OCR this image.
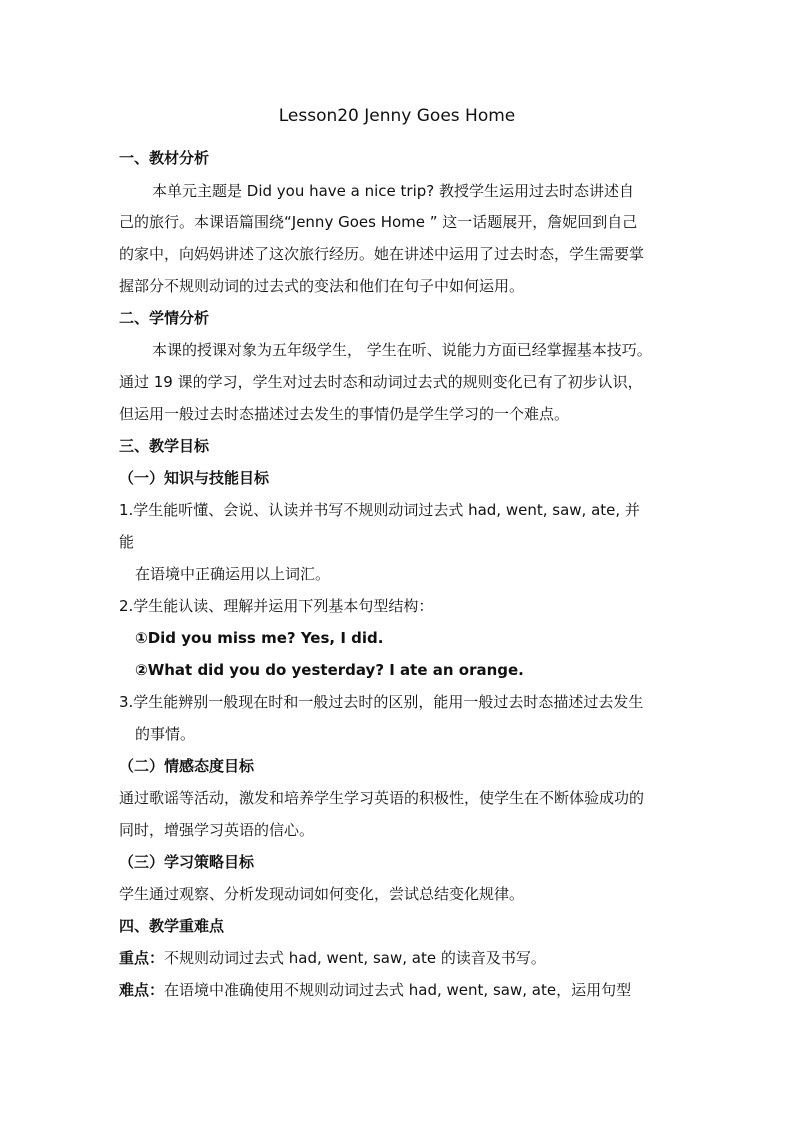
Lesson20 Jenny Goes Home
一、教材分析
本单元主题是 Did you have a nice trip? 教授学生运用过去时态讲述自
己的旅行。本课语篇围绕“Jenny Goes Home ” 这一话题展开，詹妮回到自己
的家中，向妈妈讲述了这次旅行经历。她在讲述中运用了过去时态，学生需要掌
握部分不规则动词的过去式的变法和他们在句子中如何运用。
二、学情分析
本课的授课对象为五年级学生， 学生在听、说能力方面已经掌握基本技巧。
通过 19 课的学习，学生对过去时态和动词过去式的规则变化已有了初步认识，
但运用一般过去时态描述过去发生的事情仍是学生学习的一个难点。
三、教学目标
（一）知识与技能目标
1.学生能听懂、会说、认读并书写不规则动词过去式 had, went, saw, ate, 并
能
在语境中正确运用以上词汇。
2.学生能认读、理解并运用下列基本句型结构：
①Did you miss me? Yes, I did.
②What did you do yesterday? I ate an orange.
3.学生能辨别一般现在时和一般过去时的区别，能用一般过去时态描述过去发生
的事情。
（二）情感态度目标
通过歌谣等活动，激发和培养学生学习英语的积极性，使学生在不断体验成功的
同时，增强学习英语的信心。
（三）学习策略目标
学生通过观察、分析发现动词如何变化，尝试总结变化规律。
四、教学重难点
重点：不规则动词过去式 had, went, saw, ate 的读音及书写。
难点：在语境中准确使用不规则动词过去式 had, went, saw, ate，运用句型
